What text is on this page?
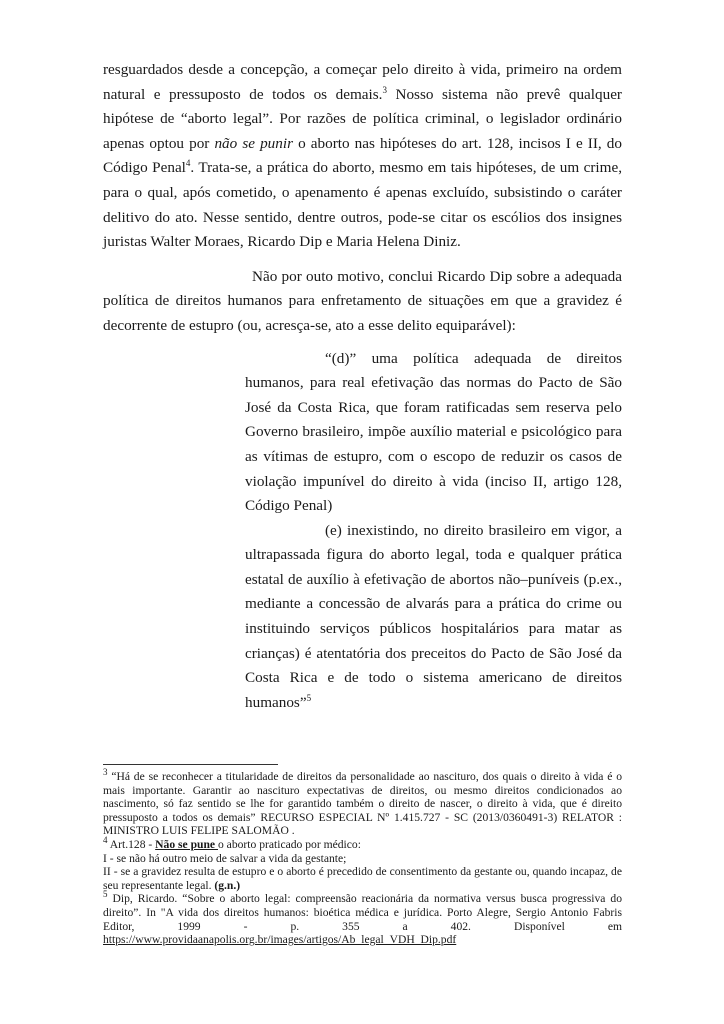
resguardados desde a concepção, a começar pelo direito à vida, primeiro na ordem natural e pressuposto de todos os demais.$^3$ Nosso sistema não prevê qualquer hipótese de “aborto legal”. Por razões de política criminal, o legislador ordinário apenas optou por não se punir o aborto nas hipóteses do art. 128, incisos I e II, do Código Penal$^4$. Trata-se, a prática do aborto, mesmo em tais hipóteses, de um crime, para o qual, após cometido, o apenamento é apenas excluído, subsistindo o caráter delitivo do ato. Nesse sentido, dentre outros, pode-se citar os escólios dos insignes juristas Walter Moraes, Ricardo Dip e Maria Helena Diniz.

Não por outo motivo, conclui Ricardo Dip sobre a adequada política de direitos humanos para enfretamento de situações em que a gravidez é decorrente de estupro (ou, acresça-se, ato a esse delito equiparável):

“(d)” uma política adequada de direitos humanos, para real efetivação das normas do Pacto de São José da Costa Rica, que foram ratificadas sem reserva pelo Governo brasileiro, impõe auxílio material e psicológico para as vítimas de estupro, com o escopo de reduzir os casos de violação impunível do direito à vida (inciso II, artigo 128, Código Penal)

(e) inexistindo, no direito brasileiro em vigor, a ultrapassada figura do aborto legal, toda e qualquer prática estatal de auxílio à efetivação de abortos não–puníveis (p.ex., mediante a concessão de alvarás para a prática do crime ou instituindo serviços públicos hospitalários para matar as crianças) é atentatória dos preceitos do Pacto de São José da Costa Rica e de todo o sistema americano de direitos humanos”$^5$

$^3$ “Há de se reconhecer a titularidade de direitos da personalidade ao nascituro, dos quais o direito à vida é o mais importante. Garantir ao nascituro expectativas de direitos, ou mesmo direitos condicionados ao nascimento, só faz sentido se lhe for garantido também o direito de nascer, o direito à vida, que é direito pressuposto a todos os demais” RECURSO ESPECIAL Nº 1.415.727 - SC (2013/0360491-3) RELATOR : MINISTRO LUIS FELIPE SALOMÃO .

$^4$ Art.128 - Não se pune o aborto praticado por médico:
I - se não há outro meio de salvar a vida da gestante;
II - se a gravidez resulta de estupro e o aborto é precedido de consentimento da gestante ou, quando incapaz, de seu representante legal. (g.n.)

$^5$ Dip, Ricardo. “Sobre o aborto legal: compreensão reacionária da normativa versus busca progressiva do direito”. In "A vida dos direitos humanos: bioética médica e jurídica. Porto Alegre, Sergio Antonio Fabris Editor, 1999 - p. 355 a 402. Disponível em
https://www.providaanapolis.org.br/images/artigos/Ab_legal_VDH_Dip.pdf
